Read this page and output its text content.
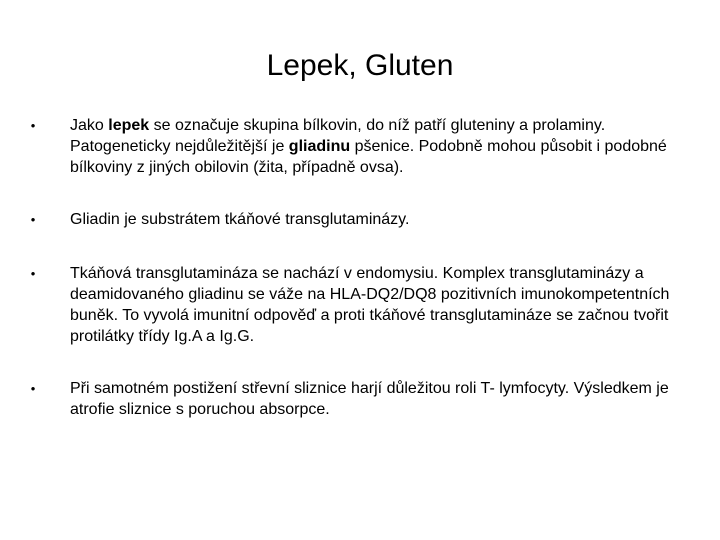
Lepek, Gluten
• Jako lepek se označuje skupina bílkovin, do níž patří gluteniny a prolaminy. Patogeneticky nejdůležitější je gliadinu pšenice. Podobně mohou působit i podobné bílkoviny z jiných obilovin (žita, případně ovsa).
• Gliadin je substrátem tkáňové transglutaminázy.
• Tkáňová transglutamináza se nachází v endomysiu. Komplex transglutaminázy a deamidovaného gliadinu se váže na HLA-DQ2/DQ8 pozitivních imunokompetentních buněk. To vyvolá imunitní odpověď a proti tkáňové transglutamináze se začnou tvořit protilátky třídy Ig.A a Ig.G.
• Při samotném postižení střevní sliznice harjí důležitou roli T- lymfocyty. Výsledkem je atrofie sliznice s poruchou absorpce.
